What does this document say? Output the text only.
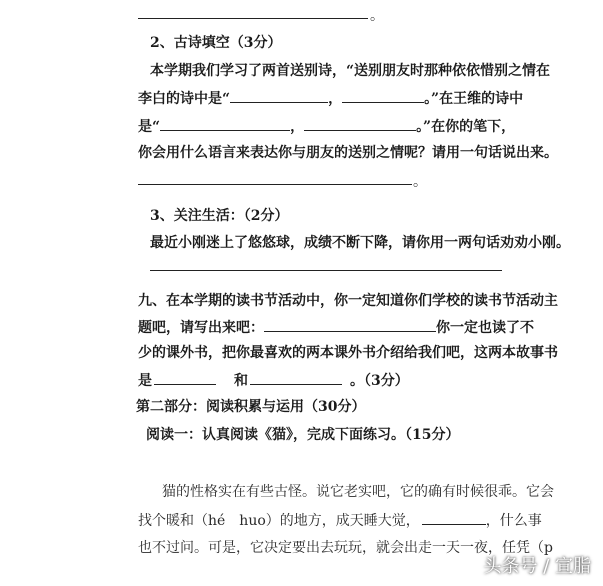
。
2、古诗填空（3分）
本学期我们学习了两首送别诗，“送别朋友时那种依依惜别之情在
李白的诗中是“	，	。”在王维的诗中
是“	，	。”在你的笔下，
你会用什么语言来表达你与朋友的送别之情呢？请用一句话说出来。
。
3、关注生活：（2分）
最近小刚迷上了悠悠球，成绩不断下降，请你用一两句话劝劝小刚。
九、在本学期的读书节活动中，你一定知道你们学校的读书节活动主
题吧，请写出来吧：	你一定也读了不
少的课外书，把你最喜欢的两本课外书介绍给我们吧，这两本故事书
是	和	。（3分）
第二部分：阅读积累与运用（30分）
阅读一：认真阅读《猫》，完成下面练习。（15分）
猫的性格实在有些古怪。说它老实吧，它的确有时候很乖。它会
找个暖和（hé　huo）的地方，成天睡大觉，	，什么事
也不过问。可是，它决定要出去玩玩，就会出走一天一夜，任凭（p
头条号 / 宣脂
